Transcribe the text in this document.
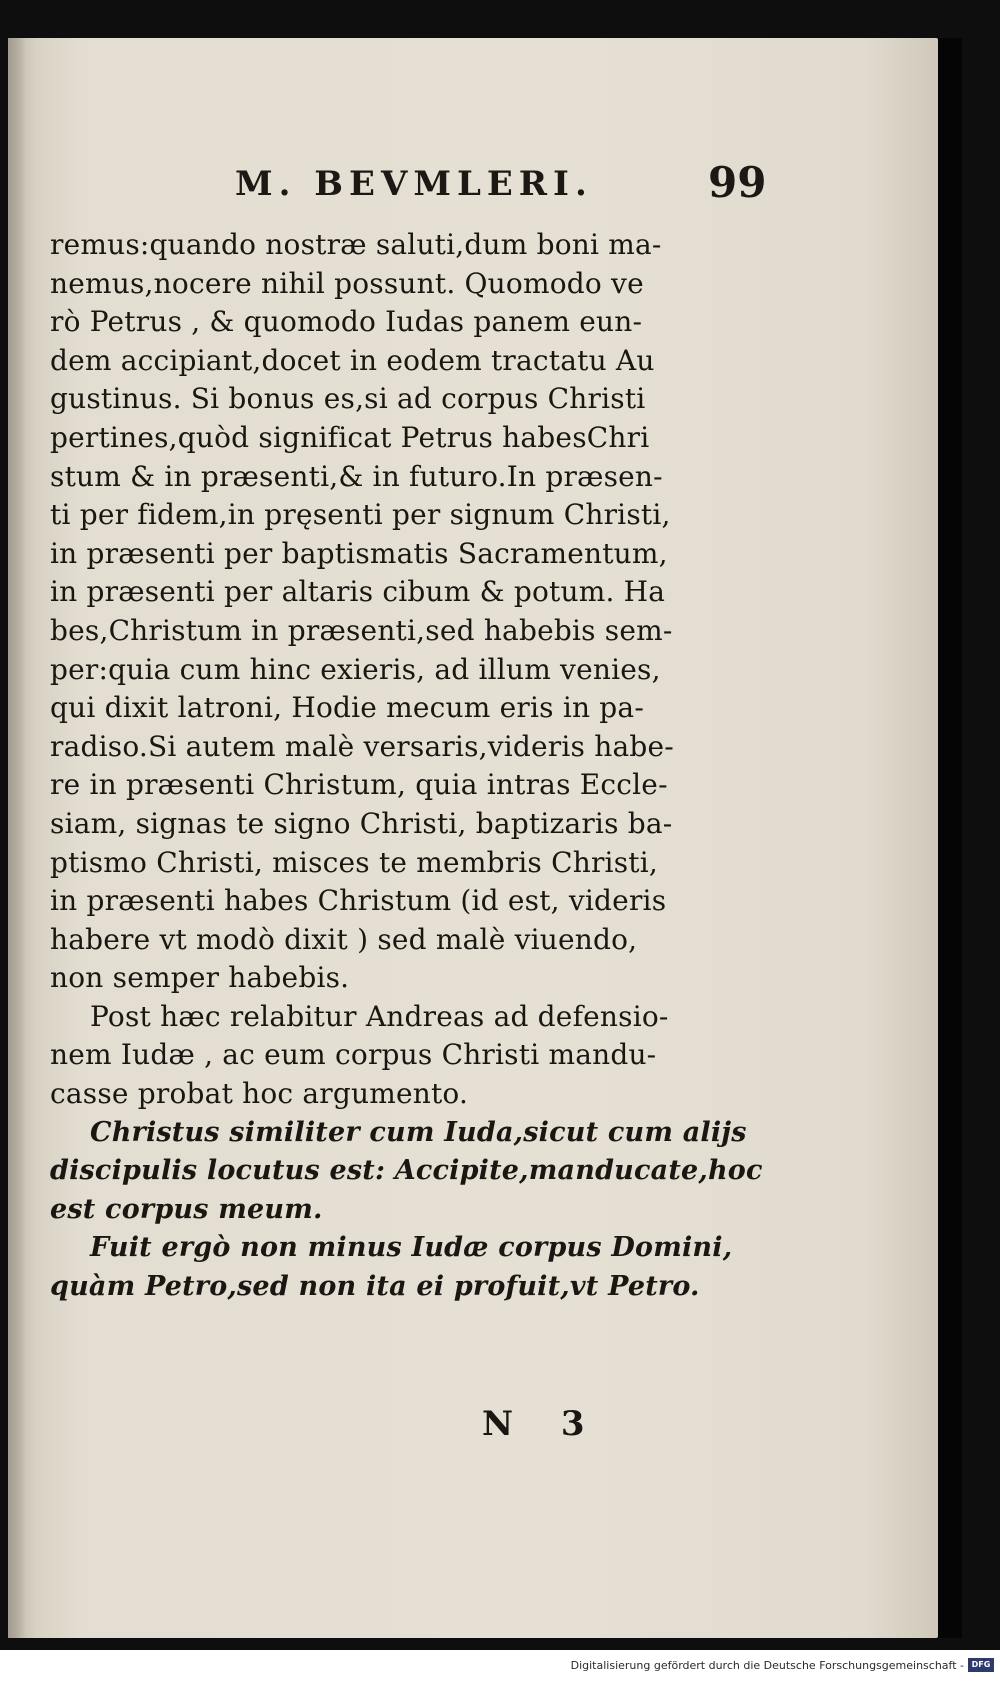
M. BEVMLERI.	99
remus:quando nostræ saluti,dum boni ma-
nemus,nocere nihil possunt. Quomodo ve
rò Petrus , & quomodo Iudas panem eun-
dem accipiant,docet in eodem tractatu Au
gustinus. Si bonus es,si ad corpus Christi
pertines,quòd significat Petrus habesChri
stum & in præsenti,& in futuro.In præsen-
ti per fidem,in pręsenti per signum Christi,
in præsenti per baptismatis Sacramentum,
in præsenti per altaris cibum & potum. Ha
bes,Christum in præsenti,sed habebis sem-
per:quia cum hinc exieris, ad illum venies,
qui dixit latroni, Hodie mecum eris in pa-
radiso.Si autem malè versaris,videris habe-
re in præsenti Christum, quia intras Eccle-
siam, signas te signo Christi, baptizaris ba-
ptismo Christi, misces te membris Christi,
in præsenti habes Christum (id est, videris
habere vt modò dixit ) sed malè viuendo,
non semper habebis.
Post hæc relabitur Andreas ad defensio-
nem Iudæ , ac eum corpus Christi mandu-
casse probat hoc argumento.
Christus similiter cum Iuda,sicut cum alijs
discipulis locutus est: Accipite,manducate,hoc
est corpus meum.
Fuit ergò non minus Iudæ corpus Domini,
quàm Petro,sed non ita ei profuit,vt Petro.
N 3
Digitalisierung gefördert durch die Deutsche Forschungsgemeinschaft - DFG
